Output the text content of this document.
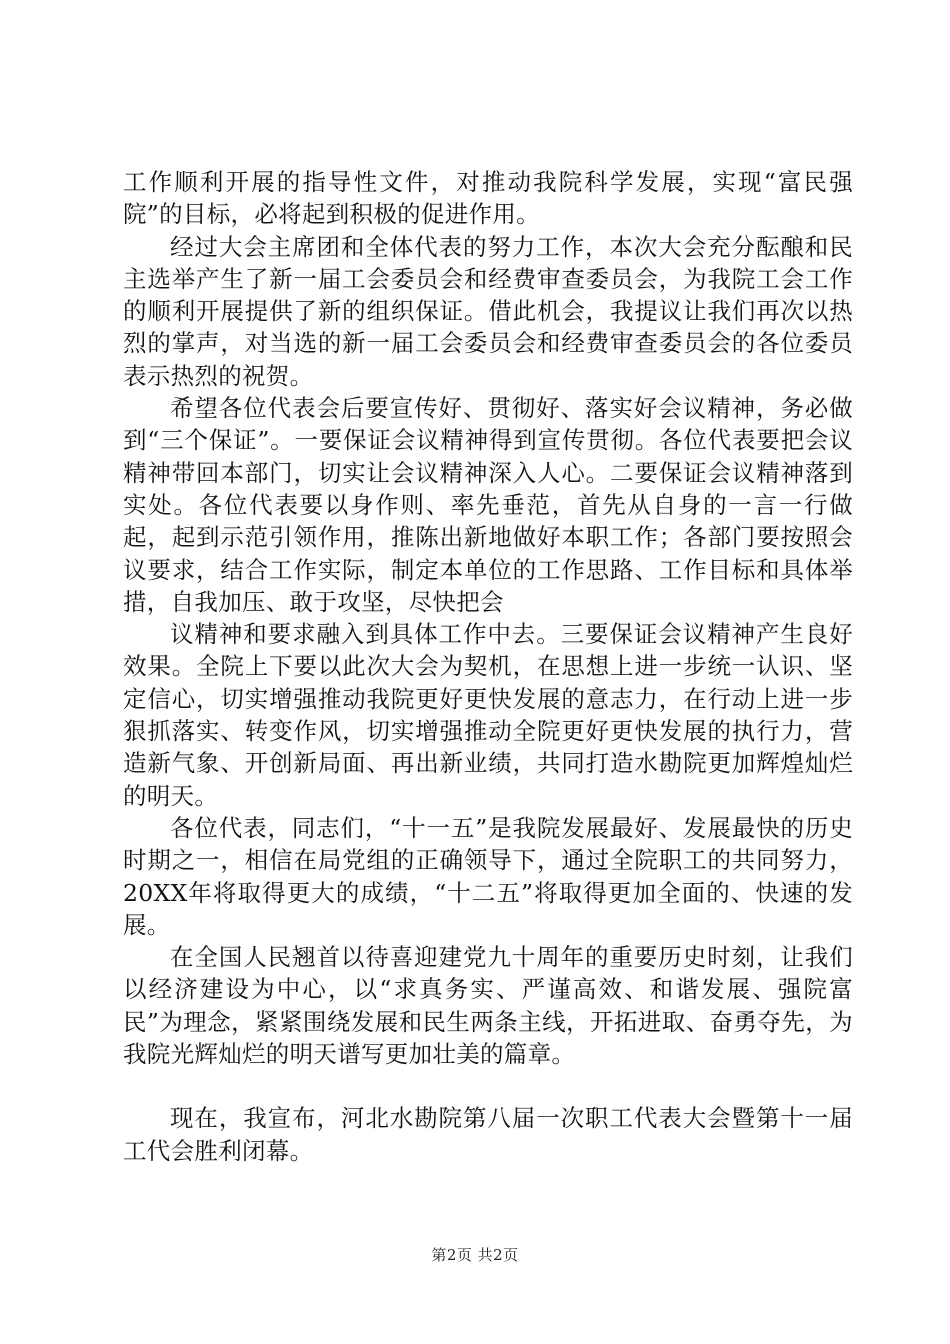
工作顺利开展的指导性文件，对推动我院科学发展，实现“富民强院”的目标，必将起到积极的促进作用。

经过大会主席团和全体代表的努力工作，本次大会充分酝酿和民主选举产生了新一届工会委员会和经费审查委员会，为我院工会工作的顺利开展提供了新的组织保证。借此机会，我提议让我们再次以热烈的掌声，对当选的新一届工会委员会和经费审查委员会的各位委员表示热烈的祝贺。

希望各位代表会后要宣传好、贯彻好、落实好会议精神，务必做到“三个保证”。一要保证会议精神得到宣传贯彻。各位代表要把会议精神带回本部门，切实让会议精神深入人心。二要保证会议精神落到实处。各位代表要以身作则、率先垂范，首先从自身的一言一行做起，起到示范引领作用，推陈出新地做好本职工作；各部门要按照会议要求，结合工作实际，制定本单位的工作思路、工作目标和具体举措，自我加压、敢于攻坚，尽快把会

议精神和要求融入到具体工作中去。三要保证会议精神产生良好效果。全院上下要以此次大会为契机，在思想上进一步统一认识、坚定信心，切实增强推动我院更好更快发展的意志力，在行动上进一步狠抓落实、转变作风，切实增强推动全院更好更快发展的执行力，营造新气象、开创新局面、再出新业绩，共同打造水勘院更加辉煌灿烂的明天。

各位代表，同志们，“十一五”是我院发展最好、发展最快的历史时期之一，相信在局党组的正确领导下，通过全院职工的共同努力，20XX年将取得更大的成绩，“十二五”将取得更加全面的、快速的发展。

在全国人民翘首以待喜迎建党九十周年的重要历史时刻，让我们以经济建设为中心，以“求真务实、严谨高效、和谐发展、强院富民”为理念，紧紧围绕发展和民生两条主线，开拓进取、奋勇夺先，为我院光辉灿烂的明天谱写更加壮美的篇章。

现在，我宣布，河北水勘院第八届一次职工代表大会暨第十一届工代会胜利闭幕。

第2页 共2页
